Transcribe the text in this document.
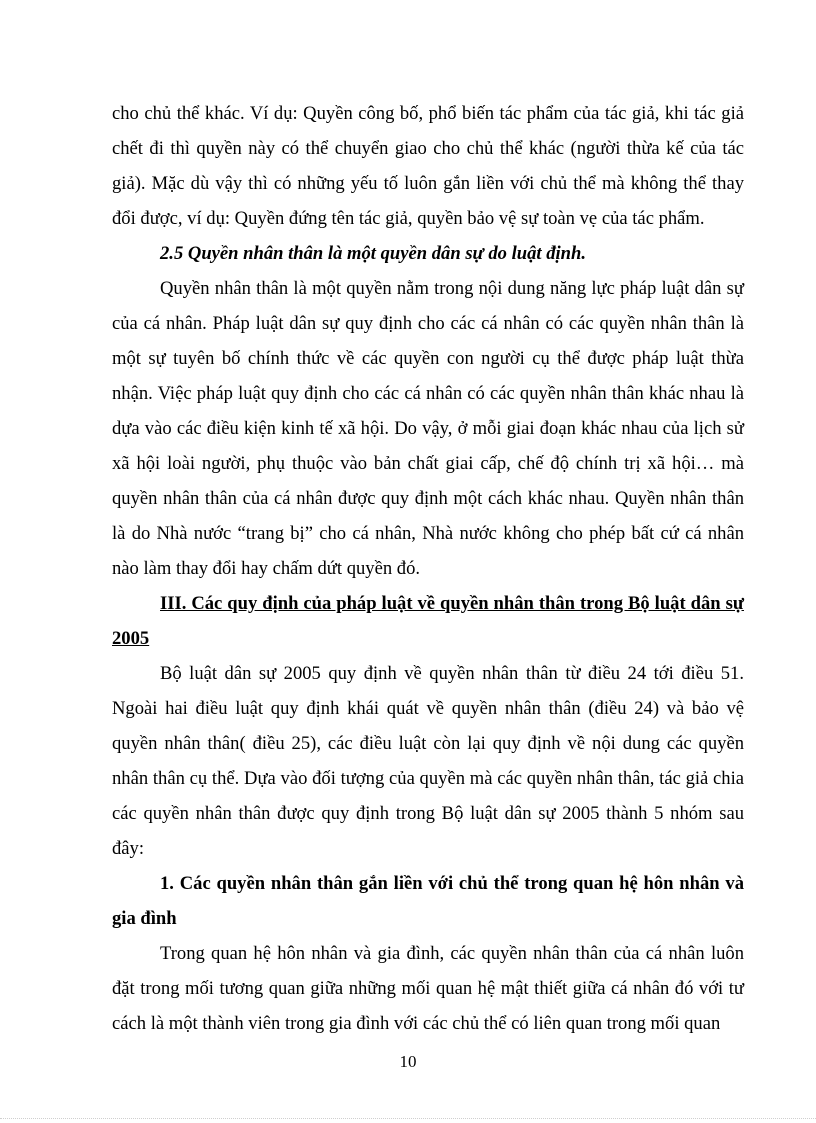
cho chủ thể khác. Ví dụ: Quyền công bố, phổ biến tác phẩm của tác giả, khi tác giả chết đi thì quyền này có thể chuyển giao cho chủ thể khác (người thừa kế của tác giả). Mặc dù vậy thì có những yếu tố luôn gắn liền với chủ thể mà không thể thay đổi được, ví dụ: Quyền đứng tên tác giả, quyền bảo vệ sự toàn vẹ của tác phẩm.

2.5 Quyền nhân thân là một quyền dân sự do luật định.

Quyền nhân thân là một quyền nằm trong nội dung năng lực pháp luật dân sự của cá nhân. Pháp luật dân sự quy định cho các cá nhân có các quyền nhân thân là một sự tuyên bố chính thức về các quyền con người cụ thể được pháp luật thừa nhận. Việc pháp luật quy định cho các cá nhân có các quyền nhân thân khác nhau là dựa vào các điều kiện kinh tế xã hội. Do vậy, ở mỗi giai đoạn khác nhau của lịch sử xã hội loài người, phụ thuộc vào bản chất giai cấp, chế độ chính trị xã hội… mà quyền nhân thân của cá nhân được quy định một cách khác nhau. Quyền nhân thân là do Nhà nước “trang bị” cho cá nhân, Nhà nước không cho phép bất cứ cá nhân nào làm thay đổi hay chấm dứt quyền đó.

III. Các quy định của pháp luật về quyền nhân thân trong Bộ luật dân sự 2005

Bộ luật dân sự 2005 quy định về quyền nhân thân từ điều 24 tới điều 51. Ngoài hai điều luật quy định khái quát về quyền nhân thân (điều 24) và bảo vệ quyền nhân thân( điều 25), các điều luật còn lại quy định về nội dung các quyền nhân thân cụ thể. Dựa vào đối tượng của quyền mà các quyền nhân thân, tác giả chia các quyền nhân thân được quy định trong Bộ luật dân sự 2005 thành 5 nhóm sau đây:

1. Các quyền nhân thân gắn liền với chủ thể trong quan hệ hôn nhân và gia đình

Trong quan hệ hôn nhân và gia đình, các quyền nhân thân của cá nhân luôn đặt trong mối tương quan giữa những mối quan hệ mật thiết giữa cá nhân đó với tư cách là một thành viên trong gia đình với các chủ thể có liên quan trong mối quan

10
